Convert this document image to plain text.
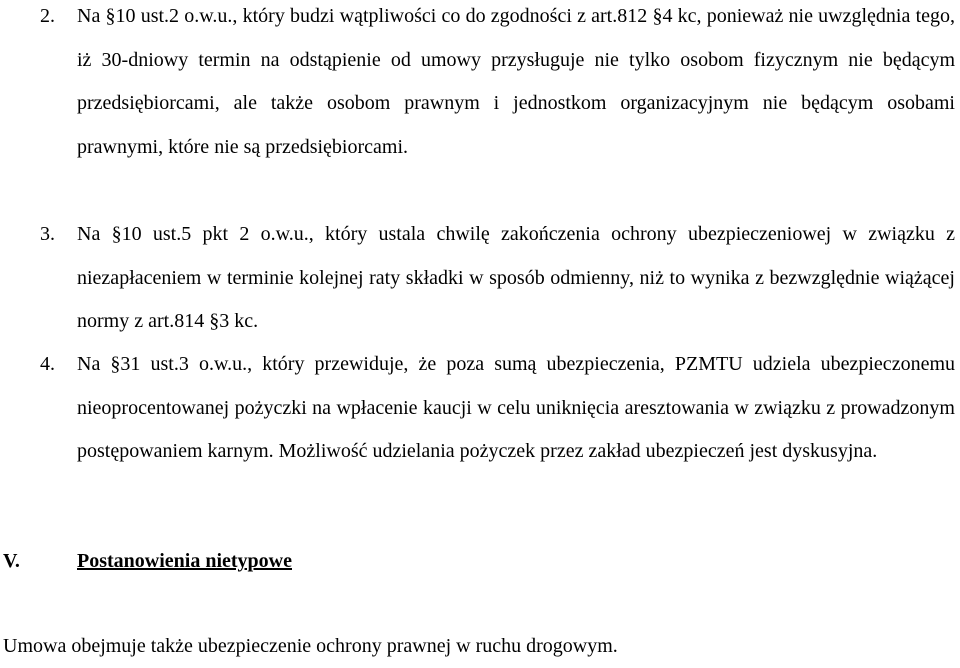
2.	Na §10 ust.2 o.w.u., który budzi wątpliwości co do zgodności z art.812 §4 kc, ponieważ nie uwzględnia tego, iż 30-dniowy termin na odstąpienie od umowy przysługuje nie tylko osobom fizycznym nie będącym przedsiębiorcami, ale także osobom prawnym i jednostkom organizacyjnym nie będącym osobami prawnymi, które nie są przedsiębiorcami.
3.	Na §10 ust.5 pkt 2 o.w.u., który ustala chwilę zakończenia ochrony ubezpieczeniowej w związku z niezapłaceniem w terminie kolejnej raty składki w sposób odmienny, niż to wynika z bezwzględnie wiążącej normy z art.814 §3 kc.
4.	Na §31 ust.3 o.w.u., który przewiduje, że poza sumą ubezpieczenia, PZMTU udziela ubezpieczonemu nieoprocentowanej pożyczki na wpłacenie kaucji w celu uniknięcia aresztowania w związku z prowadzonym postępowaniem karnym. Możliwość udzielania pożyczek przez zakład ubezpieczeń jest dyskusyjna.
V.	Postanowienia nietypowe
Umowa obejmuje także ubezpieczenie ochrony prawnej w ruchu drogowym.
